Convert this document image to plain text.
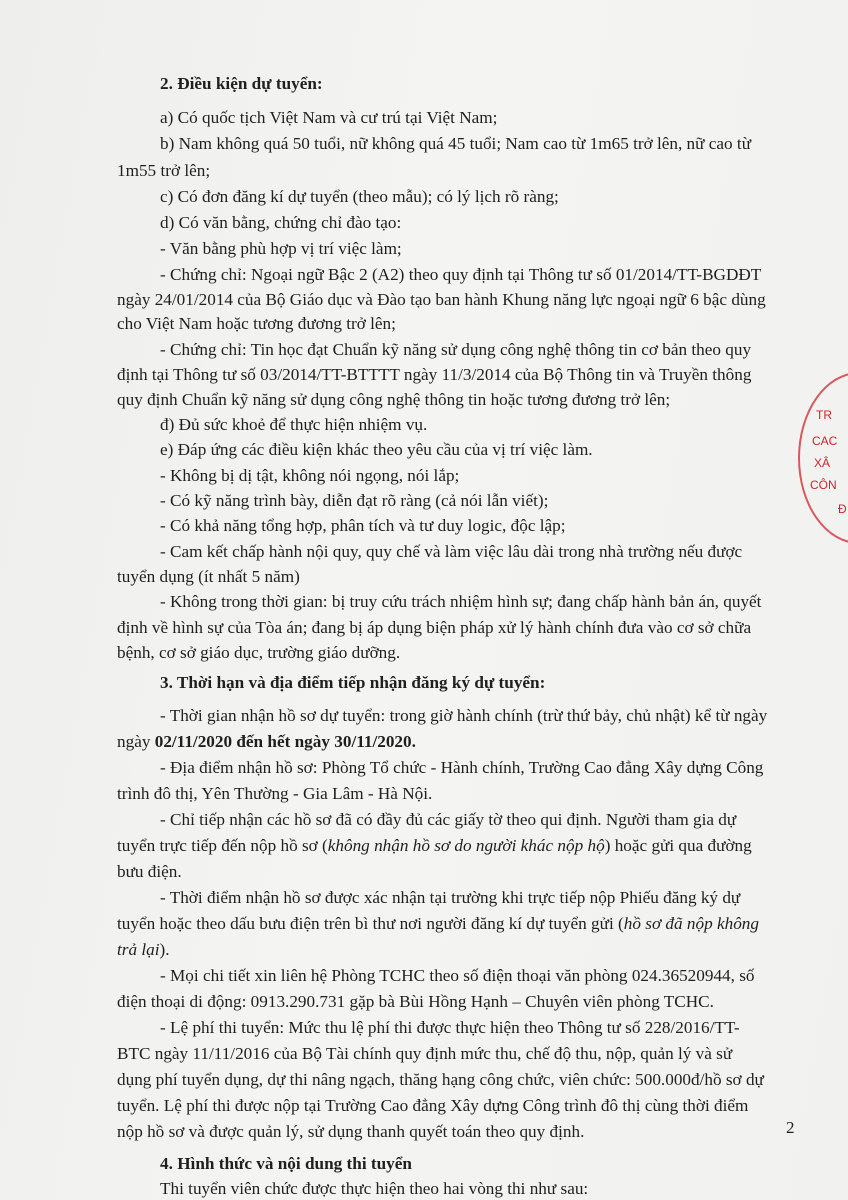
2. Điều kiện dự tuyển:
a) Có quốc tịch Việt Nam và cư trú tại Việt Nam;
b) Nam không quá 50 tuổi, nữ không quá 45 tuổi; Nam cao từ 1m65 trở lên, nữ cao từ
1m55 trở lên;
c) Có đơn đăng kí dự tuyển (theo mẫu); có lý lịch rõ ràng;
d) Có văn bằng, chứng chỉ đào tạo:
- Văn bằng phù hợp vị trí việc làm;
- Chứng chỉ: Ngoại ngữ Bậc 2 (A2) theo quy định tại Thông tư số 01/2014/TT-BGDĐT
ngày 24/01/2014 của Bộ Giáo dục và Đào tạo ban hành Khung năng lực ngoại ngữ 6 bậc dùng
cho Việt Nam hoặc tương đương trở lên;
- Chứng chỉ: Tin học đạt Chuẩn kỹ năng sử dụng công nghệ thông tin cơ bản theo quy
định tại Thông tư số 03/2014/TT-BTTTT ngày 11/3/2014 của Bộ Thông tin và Truyền thông
quy định Chuẩn kỹ năng sử dụng công nghệ thông tin hoặc tương đương trở lên;
đ) Đủ sức khoẻ để thực hiện nhiệm vụ.
e) Đáp ứng các điều kiện khác theo yêu cầu của vị trí việc làm.
- Không bị dị tật, không nói ngọng, nói lắp;
- Có kỹ năng trình bày, diễn đạt rõ ràng (cả nói lẫn viết);
- Có khả năng tổng hợp, phân tích và tư duy logic, độc lập;
- Cam kết chấp hành nội quy, quy chế và làm việc lâu dài trong nhà trường nếu được
tuyển dụng (ít nhất 5 năm)
- Không trong thời gian: bị truy cứu trách nhiệm hình sự; đang chấp hành bản án, quyết
định về hình sự của Tòa án; đang bị áp dụng biện pháp xử lý hành chính đưa vào cơ sở chữa
bệnh, cơ sở giáo dục, trường giáo dưỡng.
3. Thời hạn và địa điểm tiếp nhận đăng ký dự tuyển:
- Thời gian nhận hồ sơ dự tuyển: trong giờ hành chính (trừ thứ bảy, chủ nhật) kể từ ngày
ngày 02/11/2020 đến hết ngày 30/11/2020.
- Địa điểm nhận hồ sơ: Phòng Tổ chức - Hành chính, Trường Cao đẳng Xây dựng Công
trình đô thị, Yên Thường - Gia Lâm - Hà Nội.
- Chỉ tiếp nhận các hồ sơ đã có đầy đủ các giấy tờ theo qui định. Người tham gia dự
tuyển trực tiếp đến nộp hồ sơ (không nhận hồ sơ do người khác nộp hộ) hoặc gửi qua đường
bưu điện.
- Thời điểm nhận hồ sơ được xác nhận tại trường khi trực tiếp nộp Phiếu đăng ký dự
tuyển hoặc theo dấu bưu điện trên bì thư nơi người đăng kí dự tuyển gửi (hồ sơ đã nộp không
trả lại).
- Mọi chi tiết xin liên hệ Phòng TCHC theo số điện thoại văn phòng 024.36520944, số
điện thoại di động: 0913.290.731 gặp bà Bùi Hồng Hạnh – Chuyên viên phòng TCHC.
- Lệ phí thi tuyển: Mức thu lệ phí thi được thực hiện theo Thông tư số 228/2016/TT-
BTC ngày 11/11/2016 của Bộ Tài chính quy định mức thu, chế độ thu, nộp, quản lý và sử
dụng phí tuyển dụng, dự thi nâng ngạch, thăng hạng công chức, viên chức: 500.000đ/hồ sơ dự
tuyển. Lệ phí thi được nộp tại Trường Cao đẳng Xây dựng Công trình đô thị cùng thời điểm
nộp hồ sơ và được quản lý, sử dụng thanh quyết toán theo quy định.
4. Hình thức và nội dung thi tuyển
Thi tuyển viên chức được thực hiện theo hai vòng thi như sau:
TR
CAC
XÂ
CÔN
Đ
2
